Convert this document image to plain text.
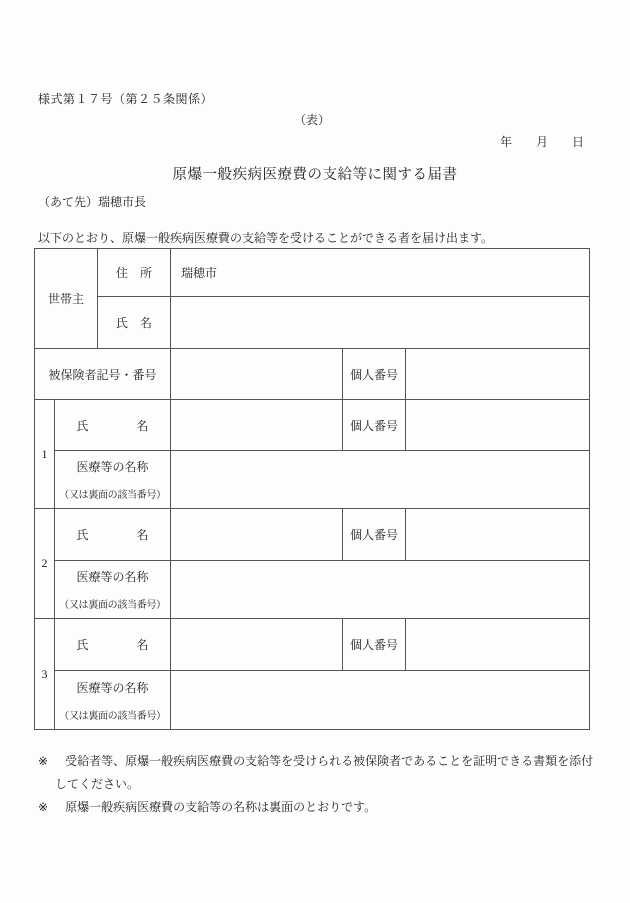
様式第１７号（第２５条関係）
（表）
年　　月　　日
原爆一般疾病医療費の支給等に関する届書
（あて先）瑞穂市長
以下のとおり、原爆一般疾病医療費の支給等を受けることができる者を届け出ます。
世帯主		住　所	瑞穂市		
		氏　名			
被保険者記号・番号				個人番号	
1	氏　　　　名			個人番号	

	医療等の名称
（又は裏面の該当番号）				

2	氏　　　　名			個人番号	

	医療等の名称
（又は裏面の該当番号）				

3	氏　　　　名			個人番号	

	医療等の名称
（又は裏面の該当番号）				

※ 受給者等、原爆一般疾病医療費の支給等を受けられる被保険者であることを証明できる書類を添付してください。
※ 原爆一般疾病医療費の支給等の名称は裏面のとおりです。
